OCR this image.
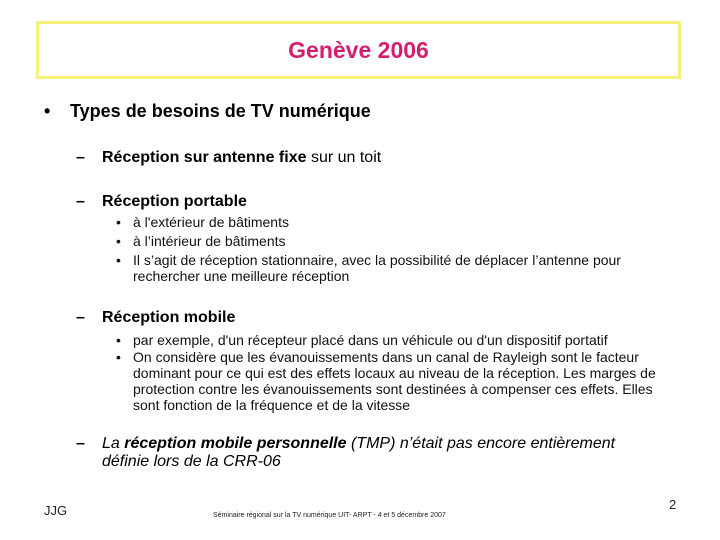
Genève 2006
• Types de besoins de TV numérique
– Réception sur antenne fixe sur un toit
– Réception portable
• à l'extérieur de bâtiments
• à l’intérieur de bâtiments
• Il s’agit de réception stationnaire, avec la possibilité de déplacer l’antenne pour rechercher une meilleure réception
– Réception mobile
• par exemple, d'un récepteur placé dans un véhicule ou d'un dispositif portatif
• On considère que les évanouissements dans un canal de Rayleigh sont le facteur dominant pour ce qui est des effets locaux au niveau de la réception. Les marges de protection contre les évanouissements sont destinées à compenser ces effets. Elles sont fonction de la fréquence et de la vitesse
– La réception mobile personnelle (TMP) n’était pas encore entièrement définie lors de la CRR-06
JJG	Séminaire régional sur la TV numérique UIT- ARPT - 4 et 5 décembre 2007
2
